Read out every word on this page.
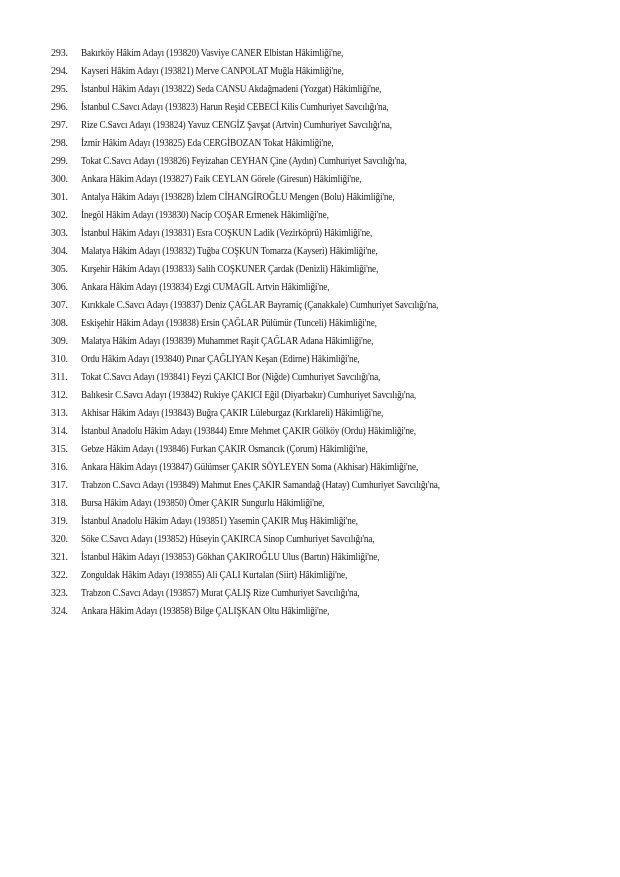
293.	Bakırköy Hâkim Adayı (193820) Vasviye CANER Elbistan Hâkimliği'ne,
294.	Kayseri Hâkim Adayı (193821) Merve CANPOLAT Muğla Hâkimliği'ne,
295.	İstanbul Hâkim Adayı (193822) Seda CANSU Akdağmadeni (Yozgat) Hâkimliği'ne,
296.	İstanbul C.Savcı Adayı (193823) Harun Reşid CEBECİ Kilis Cumhuriyet Savcılığı'na,
297.	Rize C.Savcı Adayı (193824) Yavuz CENGİZ Şavşat (Artvin) Cumhuriyet Savcılığı'na,
298.	İzmir Hâkim Adayı (193825) Eda CERGİBOZAN Tokat Hâkimliği'ne,
299.	Tokat C.Savcı Adayı (193826) Feyizahan CEYHAN Çine (Aydın) Cumhuriyet Savcılığı'na,
300.	Ankara Hâkim Adayı (193827) Faik CEYLAN Görele (Giresun) Hâkimliği'ne,
301.	Antalya Hâkim Adayı (193828) İzlem CİHANGİROĞLU Mengen (Bolu) Hâkimliği'ne,
302.	İnegöl Hâkim Adayı (193830) Nacip COŞAR Ermenek Hâkimliği'ne,
303.	İstanbul Hâkim Adayı (193831) Esra COŞKUN Ladik (Vezirköprü) Hâkimliği'ne,
304.	Malatya Hâkim Adayı (193832) Tuğba COŞKUN Tomarza (Kayseri) Hâkimliği'ne,
305.	Kırşehir Hâkim Adayı (193833) Salih COŞKUNER Çardak (Denizli) Hâkimliği'ne,
306.	Ankara Hâkim Adayı (193834) Ezgi CUMAGİL Artvin Hâkimliği'ne,
307.	Kırıkkale C.Savcı Adayı (193837) Deniz ÇAĞLAR Bayramiç (Çanakkale) Cumhuriyet Savcılığı'na,
308.	Eskişehir Hâkim Adayı (193838) Ersin ÇAĞLAR Pülümür (Tunceli) Hâkimliği'ne,
309.	Malatya Hâkim Adayı (193839) Muhammet Raşit ÇAĞLAR Adana Hâkimliği'ne,
310.	Ordu Hâkim Adayı (193840) Pınar ÇAĞLIYAN Keşan (Edirne) Hâkimliği'ne,
311.	Tokat C.Savcı Adayı (193841) Feyzi ÇAKICI Bor (Niğde) Cumhuriyet Savcılığı'na,
312.	Balıkesir C.Savcı Adayı (193842) Rukiye ÇAKICI Eğil (Diyarbakır) Cumhuriyet Savcılığı'na,
313.	Akhisar Hâkim Adayı (193843) Buğra ÇAKIR Lüleburgaz (Kırklareli) Hâkimliği'ne,
314.	İstanbul Anadolu Hâkim Adayı (193844) Emre Mehmet ÇAKIR Gölköy (Ordu) Hâkimliği'ne,
315.	Gebze Hâkim Adayı (193846) Furkan ÇAKIR Osmancık (Çorum) Hâkimliği'ne,
316.	Ankara Hâkim Adayı (193847) Gülümser ÇAKIR SÖYLEYEN Soma (Akhisar) Hâkimliği'ne,
317.	Trabzon C.Savcı Adayı (193849) Mahmut Enes ÇAKIR Samandağ (Hatay) Cumhuriyet Savcılığı'na,
318.	Bursa Hâkim Adayı (193850) Ömer ÇAKIR Sungurlu Hâkimliği'ne,
319.	İstanbul Anadolu Hâkim Adayı (193851) Yasemin ÇAKIR Muş Hâkimliği'ne,
320.	Söke C.Savcı Adayı (193852) Hüseyin ÇAKIRCA Sinop Cumhuriyet Savcılığı'na,
321.	İstanbul Hâkim Adayı (193853) Gökhan ÇAKIROĞLU Ulus (Bartın) Hâkimliği'ne,
322.	Zonguldak Hâkim Adayı (193855) Ali ÇALI Kurtalan (Siirt) Hâkimliği'ne,
323.	Trabzon C.Savcı Adayı (193857) Murat ÇALIŞ Rize Cumhuriyet Savcılığı'na,
324.	Ankara Hâkim Adayı (193858) Bilge ÇALIŞKAN Oltu Hâkimliği'ne,
